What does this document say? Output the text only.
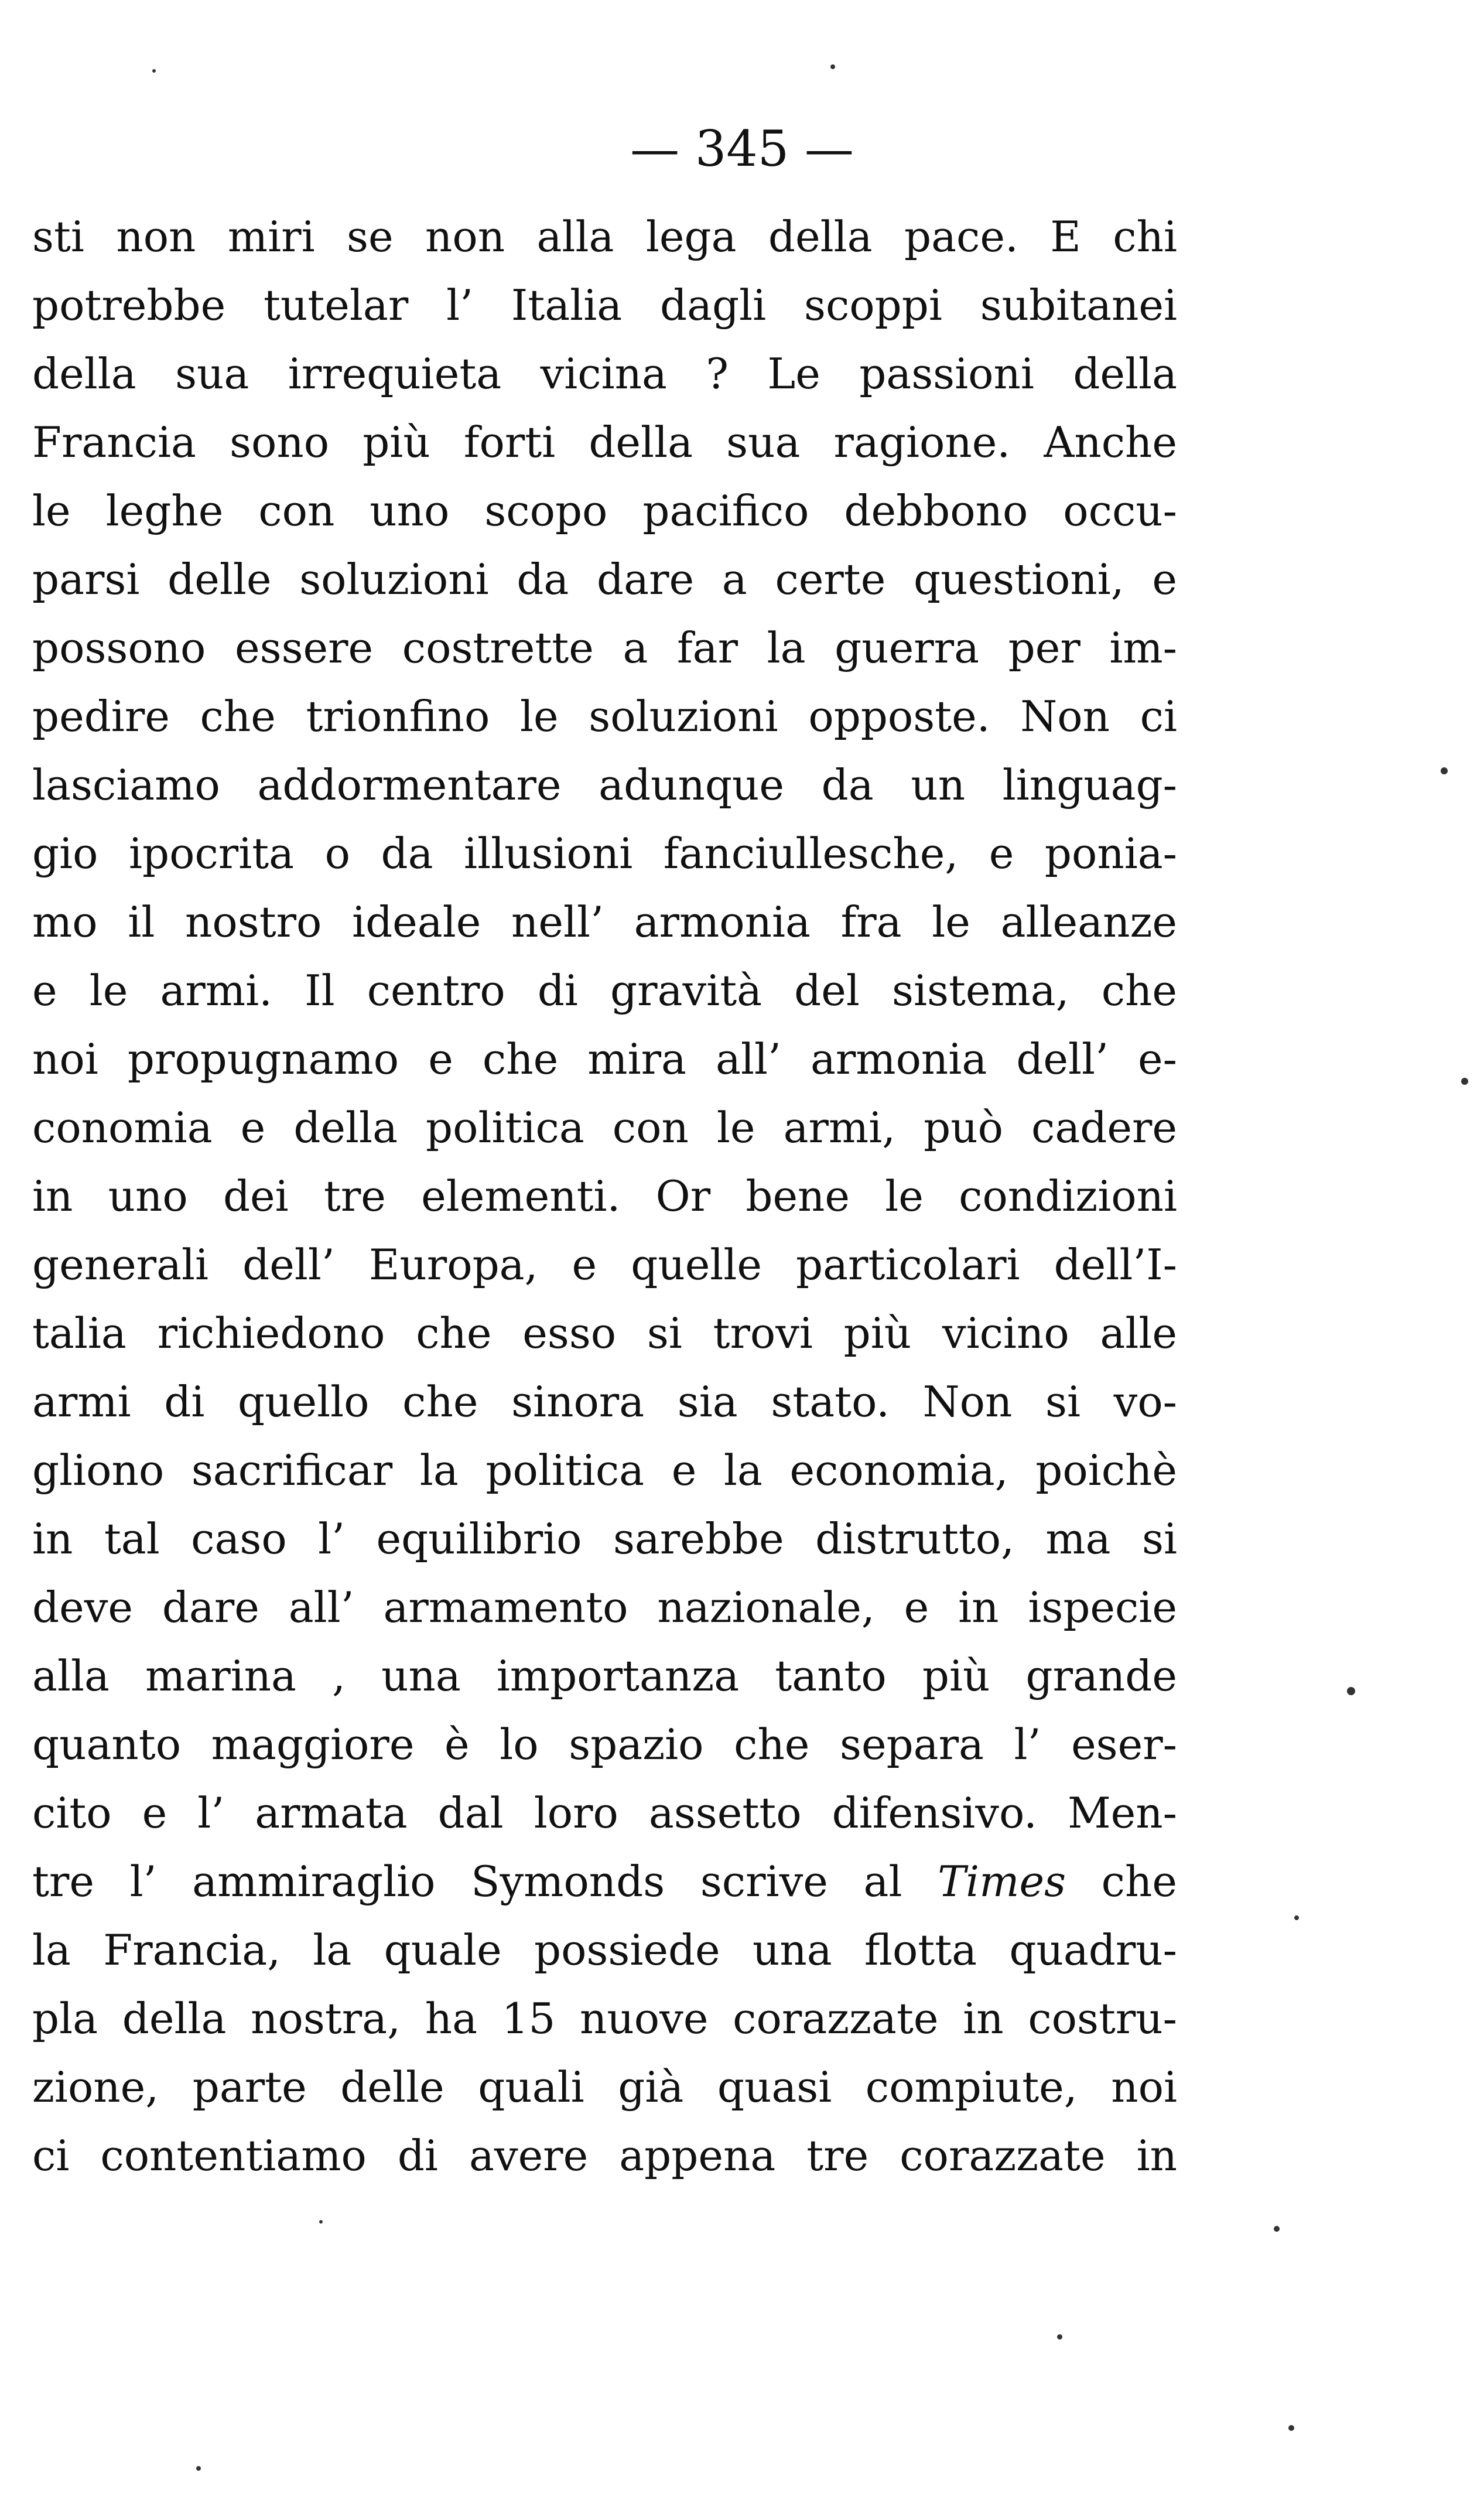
— 345 —
sti non miri se non alla lega della pace. E chi
potrebbe tutelar l’ Italia dagli scoppi subitanei
della sua irrequieta vicina ? Le passioni della
Francia sono più forti della sua ragione. Anche
le leghe con uno scopo pacifico debbono occu-
parsi delle soluzioni da dare a certe questioni, e
possono essere costrette a far la guerra per im-
pedire che trionfino le soluzioni opposte. Non ci
lasciamo addormentare adunque da un linguag-
gio ipocrita o da illusioni fanciullesche, e ponia-
mo il nostro ideale nell’ armonia fra le alleanze
e le armi. Il centro di gravità del sistema, che
noi propugnamo e che mira all’ armonia dell’ e-
conomia e della politica con le armi, può cadere
in uno dei tre elementi. Or bene le condizioni
generali dell’ Europa, e quelle particolari dell’I-
talia richiedono che esso si trovi più vicino alle
armi di quello che sinora sia stato. Non si vo-
gliono sacrificar la politica e la economia, poichè
in tal caso l’ equilibrio sarebbe distrutto, ma si
deve dare all’ armamento nazionale, e in ispecie
alla marina , una importanza tanto più grande
quanto maggiore è lo spazio che separa l’ eser-
cito e l’ armata dal loro assetto difensivo. Men-
tre l’ ammiraglio Symonds scrive al Times che
la Francia, la quale possiede una flotta quadru-
pla della nostra, ha 15 nuove corazzate in costru-
zione, parte delle quali già quasi compiute, noi
ci contentiamo di avere appena tre corazzate in
